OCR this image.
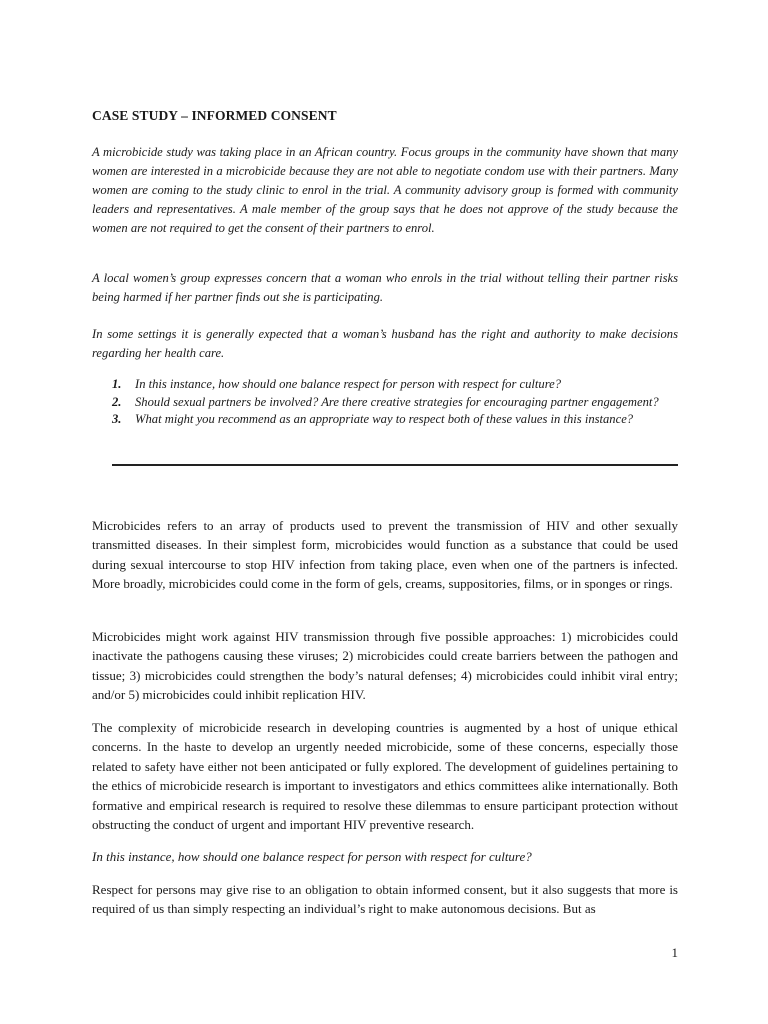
CASE STUDY – INFORMED CONSENT

A microbicide study was taking place in an African country. Focus groups in the community have shown that many women are interested in a microbicide because they are not able to negotiate condom use with their partners. Many women are coming to the study clinic to enrol in the trial. A community advisory group is formed with community leaders and representatives. A male member of the group says that he does not approve of the study because the women are not required to get the consent of their partners to enrol.

A local women’s group expresses concern that a woman who enrols in the trial without telling their partner risks being harmed if her partner finds out she is participating.

In some settings it is generally expected that a woman’s husband has the right and authority to make decisions regarding her health care.

1.	In this instance, how should one balance respect for person with respect for culture?
2.	Should sexual partners be involved? Are there creative strategies for encouraging partner engagement?
3.	What might you recommend as an appropriate way to respect both of these values in this instance?

Microbicides refers to an array of products used to prevent the transmission of HIV and other sexually transmitted diseases. In their simplest form, microbicides would function as a substance that could be used during sexual intercourse to stop HIV infection from taking place, even when one of the partners is infected. More broadly, microbicides could come in the form of gels, creams, suppositories, films, or in sponges or rings.

Microbicides might work against HIV transmission through five possible approaches: 1) microbicides could inactivate the pathogens causing these viruses; 2) microbicides could create barriers between the pathogen and tissue; 3) microbicides could strengthen the body’s natural defenses; 4) microbicides could inhibit viral entry; and/or 5) microbicides could inhibit replication HIV.

The complexity of microbicide research in developing countries is augmented by a host of unique ethical concerns. In the haste to develop an urgently needed microbicide, some of these concerns, especially those related to safety have either not been anticipated or fully explored. The development of guidelines pertaining to the ethics of microbicide research is important to investigators and ethics committees alike internationally. Both formative and empirical research is required to resolve these dilemmas to ensure participant protection without obstructing the conduct of urgent and important HIV preventive research.

In this instance, how should one balance respect for person with respect for culture?

Respect for persons may give rise to an obligation to obtain informed consent, but it also suggests that more is required of us than simply respecting an individual’s right to make autonomous decisions. But as

1
